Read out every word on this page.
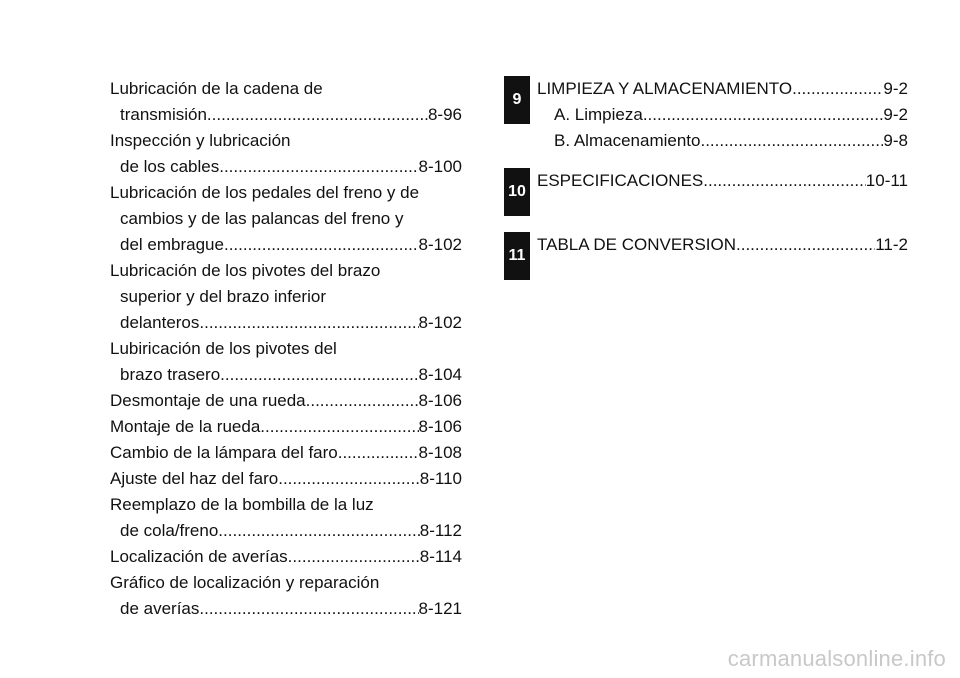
Lubricación de la cadena de
transmisión .....	8-96
Inspección y lubricación
de los cables .....	8-100
Lubricación de los pedales del freno y de
cambios y de las palancas del freno y
del embrague .....	8-102
Lubricación de los pivotes del brazo
superior y del brazo inferior
delanteros .....	8-102
Lubiricación de los pivotes del
brazo trasero .....	8-104
Desmontaje de una rueda .....	8-106
Montaje de la rueda .....	8-106
Cambio de la lámpara del faro .....	8-108
Ajuste del haz del faro .....	8-110
Reemplazo de la bombilla de la luz
de cola/freno .....	8-112
Localización de averías .....	8-114
Gráfico de localización y reparación
de averías .....	8-121
9
LIMPIEZA Y ALMACENAMIENTO .....	9-2
A. Limpieza .....	9-2
B. Almacenamiento .....	9-8
10
ESPECIFICACIONES .....	10-11
11
TABLA DE CONVERSION .....	11-2
carmanualsonline.info
